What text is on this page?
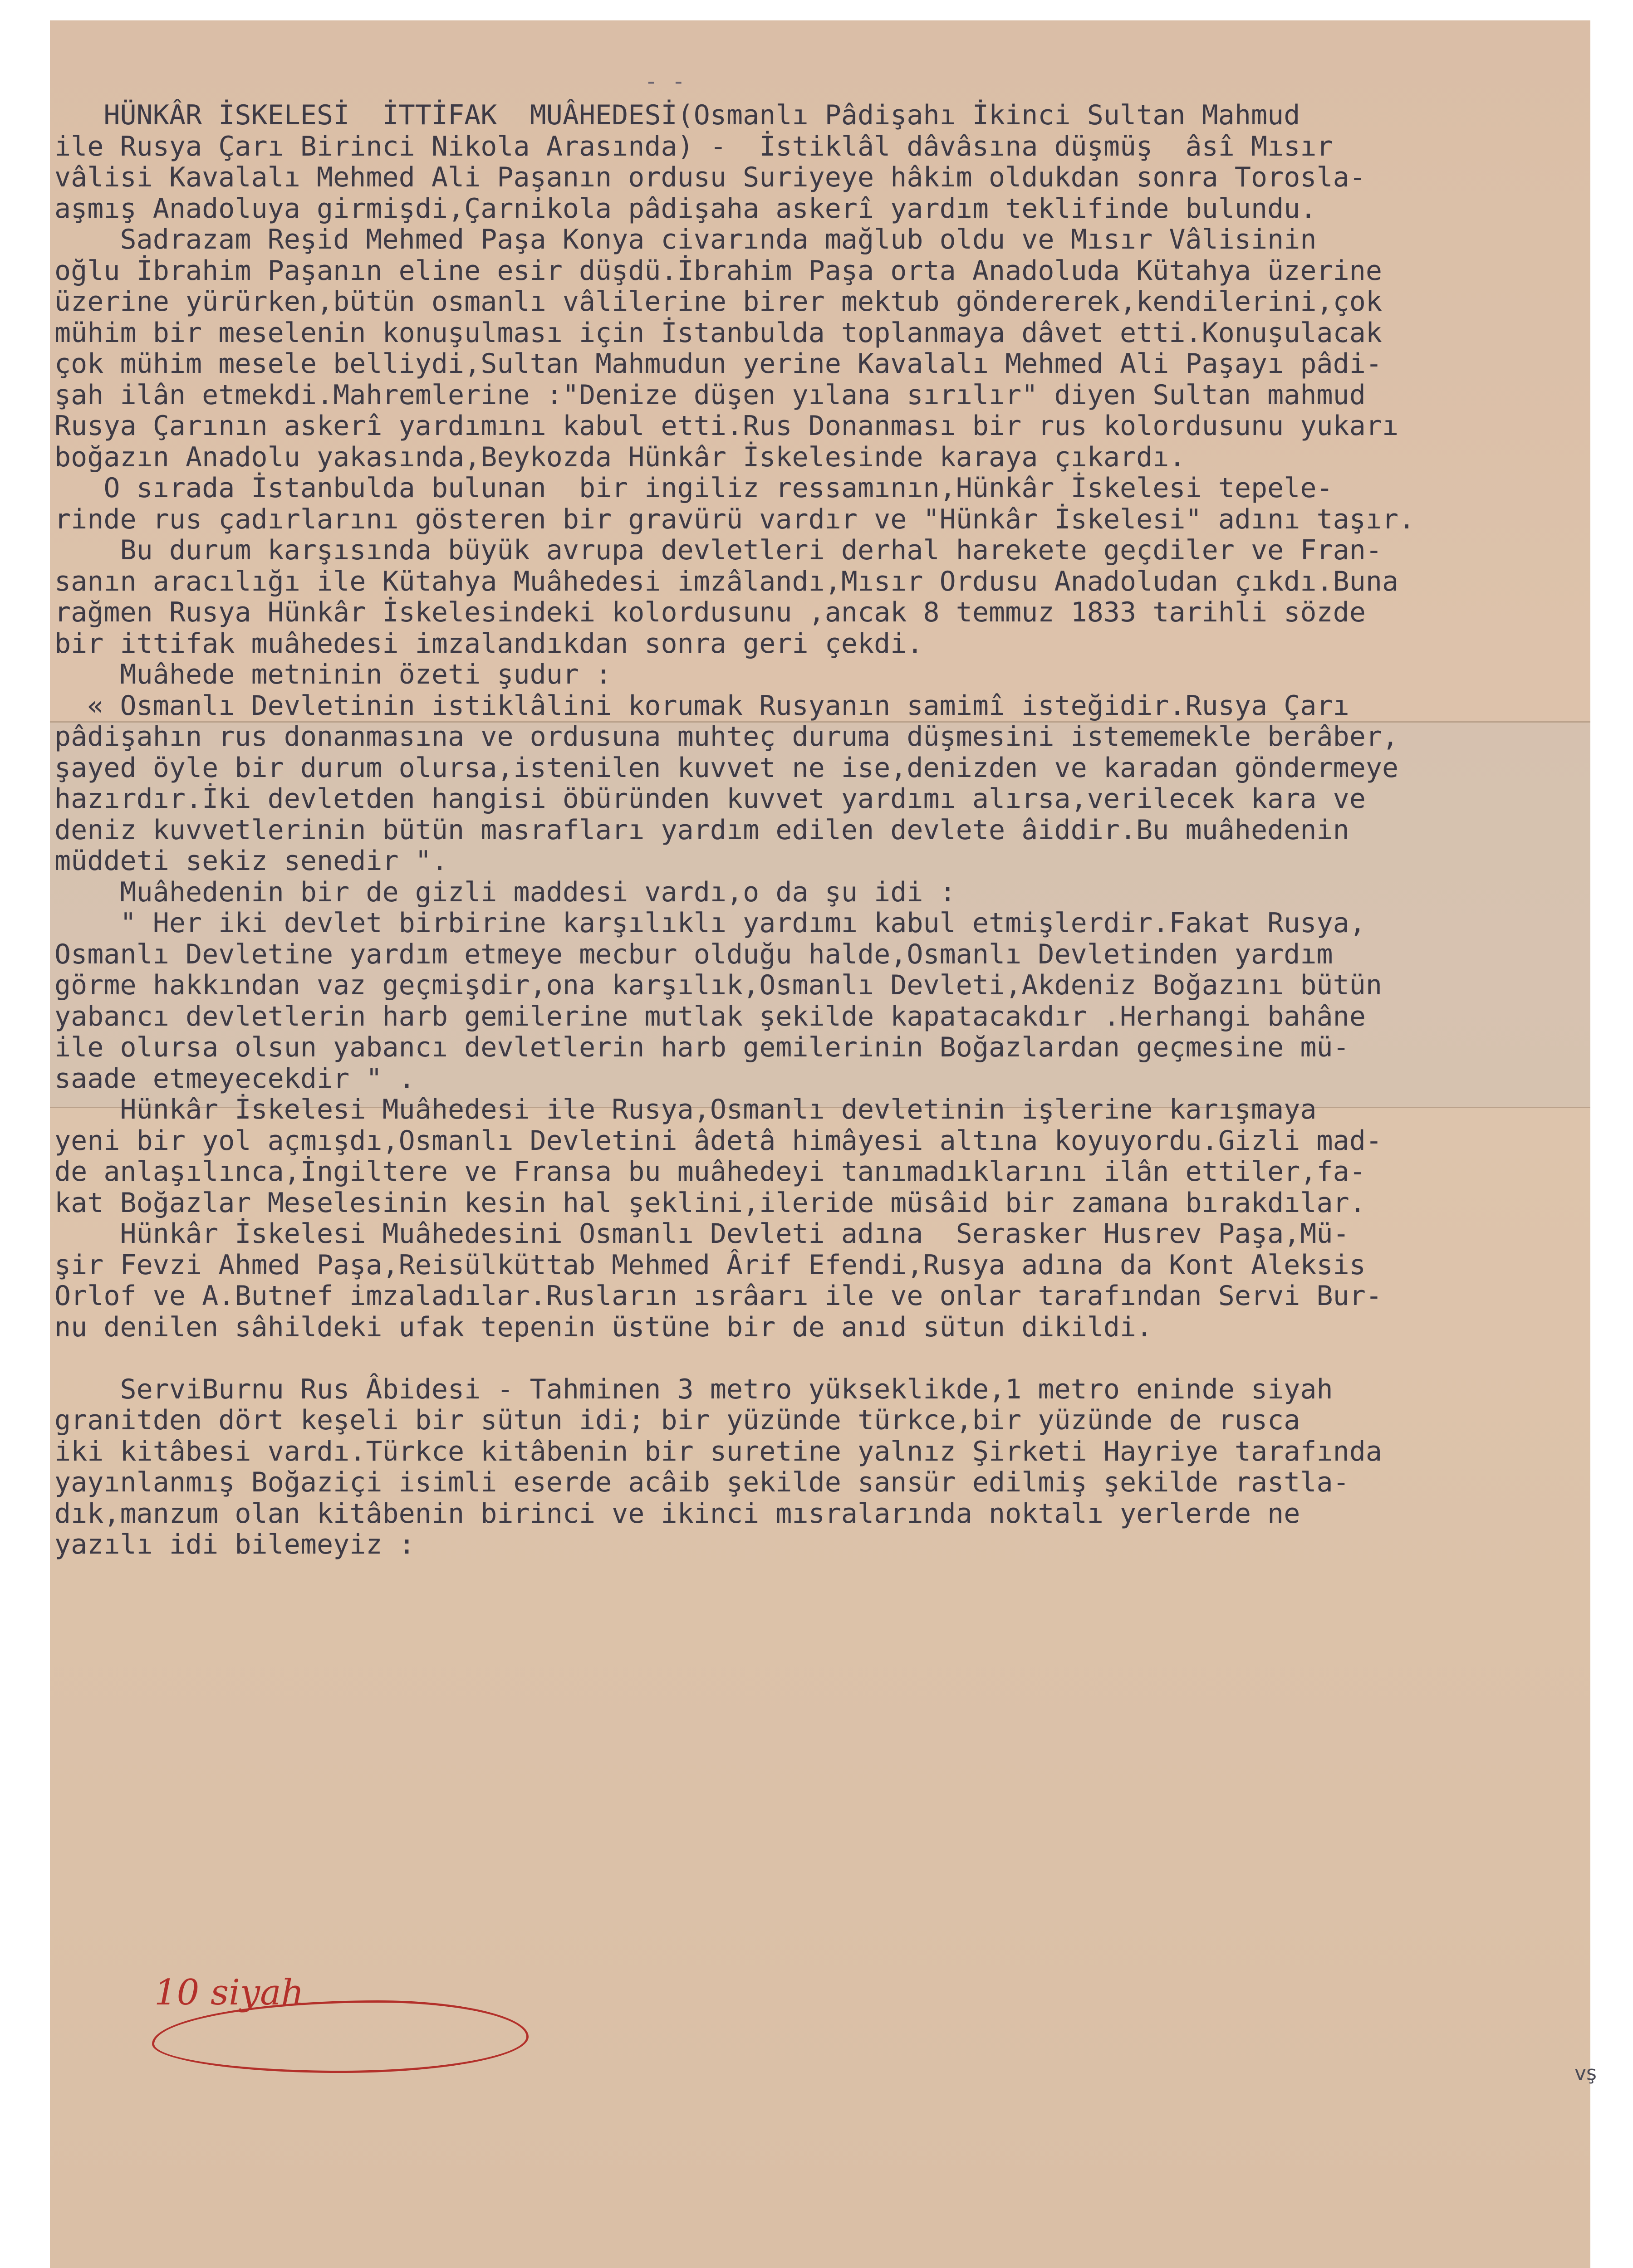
- -
HÜNKÂR İSKELESİ  İTTİFAK  MUÂHEDESİ(Osmanlı Pâdişahı İkinci Sultan Mahmud
ile Rusya Çarı Birinci Nikola Arasında) -  İstiklâl dâvâsına düşmüş  âsî Mısır
vâlisi Kavalalı Mehmed Ali Paşanın ordusu Suriyeye hâkim oldukdan sonra Torosla-
aşmış Anadoluya girmişdi,Çarnikola pâdişaha askerî yardım teklifinde bulundu.
Sadrazam Reşid Mehmed Paşa Konya civarında mağlub oldu ve Mısır Vâlisinin
oğlu İbrahim Paşanın eline esir düşdü.İbrahim Paşa orta Anadoluda Kütahya üzerine
üzerine yürürken,bütün osmanlı vâlilerine birer mektub göndererek,kendilerini,çok
mühim bir meselenin konuşulması için İstanbulda toplanmaya dâvet etti.Konuşulacak
çok mühim mesele belliydi,Sultan Mahmudun yerine Kavalalı Mehmed Ali Paşayı pâdi-
şah ilân etmekdi.Mahremlerine :"Denize düşen yılana sırılır" diyen Sultan mahmud
Rusya Çarının askerî yardımını kabul etti.Rus Donanması bir rus kolordusunu yukarı
boğazın Anadolu yakasında,Beykozda Hünkâr İskelesinde karaya çıkardı.
O sırada İstanbulda bulunan  bir ingiliz ressamının,Hünkâr İskelesi tepele-
rinde rus çadırlarını gösteren bir gravürü vardır ve "Hünkâr İskelesi" adını taşır.
Bu durum karşısında büyük avrupa devletleri derhal harekete geçdiler ve Fran-
sanın aracılığı ile Kütahya Muâhedesi imzâlandı,Mısır Ordusu Anadoludan çıkdı.Buna
rağmen Rusya Hünkâr İskelesindeki kolordusunu ,ancak 8 temmuz 1833 tarihli sözde
bir ittifak muâhedesi imzalandıkdan sonra geri çekdi.
Muâhede metninin özeti şudur :
« Osmanlı Devletinin istiklâlini korumak Rusyanın samimî isteğidir.Rusya Çarı
pâdişahın rus donanmasına ve ordusuna muhteç duruma düşmesini istememekle berâber,
şayed öyle bir durum olursa,istenilen kuvvet ne ise,denizden ve karadan göndermeye
hazırdır.İki devletden hangisi öbüründen kuvvet yardımı alırsa,verilecek kara ve
deniz kuvvetlerinin bütün masrafları yardım edilen devlete âiddir.Bu muâhedenin
müddeti sekiz senedir ".
Muâhedenin bir de gizli maddesi vardı,o da şu idi :
" Her iki devlet birbirine karşılıklı yardımı kabul etmişlerdir.Fakat Rusya,
Osmanlı Devletine yardım etmeye mecbur olduğu halde,Osmanlı Devletinden yardım
görme hakkından vaz geçmişdir,ona karşılık,Osmanlı Devleti,Akdeniz Boğazını bütün
yabancı devletlerin harb gemilerine mutlak şekilde kapatacakdır .Herhangi bahâne
ile olursa olsun yabancı devletlerin harb gemilerinin Boğazlardan geçmesine mü-
saade etmeyecekdir " .
Hünkâr İskelesi Muâhedesi ile Rusya,Osmanlı devletinin işlerine karışmaya
yeni bir yol açmışdı,Osmanlı Devletini âdetâ himâyesi altına koyuyordu.Gizli mad-
de anlaşılınca,İngiltere ve Fransa bu muâhedeyi tanımadıklarını ilân ettiler,fa-
kat Boğazlar Meselesinin kesin hal şeklini,ileride müsâid bir zamana bırakdılar.
Hünkâr İskelesi Muâhedesini Osmanlı Devleti adına  Serasker Husrev Paşa,Mü-
şir Fevzi Ahmed Paşa,Reisülküttab Mehmed Ârif Efendi,Rusya adına da Kont Aleksis
Orlof ve A.Butnef imzaladılar.Rusların ısrâarı ile ve onlar tarafından Servi Bur-
nu denilen sâhildeki ufak tepenin üstüne bir de anıd sütun dikildi.
ServiBurnu Rus Âbidesi - Tahminen 3 metro yükseklikde,1 metro eninde siyah
granitden dört keşeli bir sütun idi; bir yüzünde türkce,bir yüzünde de rusca
iki kitâbesi vardı.Türkce kitâbenin bir suretine yalnız Şirketi Hayriye tarafında
yayınlanmış Boğaziçi isimli eserde acâib şekilde sansür edilmiş şekilde rastla-
dık,manzum olan kitâbenin birinci ve ikinci mısralarında noktalı yerlerde ne
yazılı idi bilemeyiz :
10 siyah
vş
